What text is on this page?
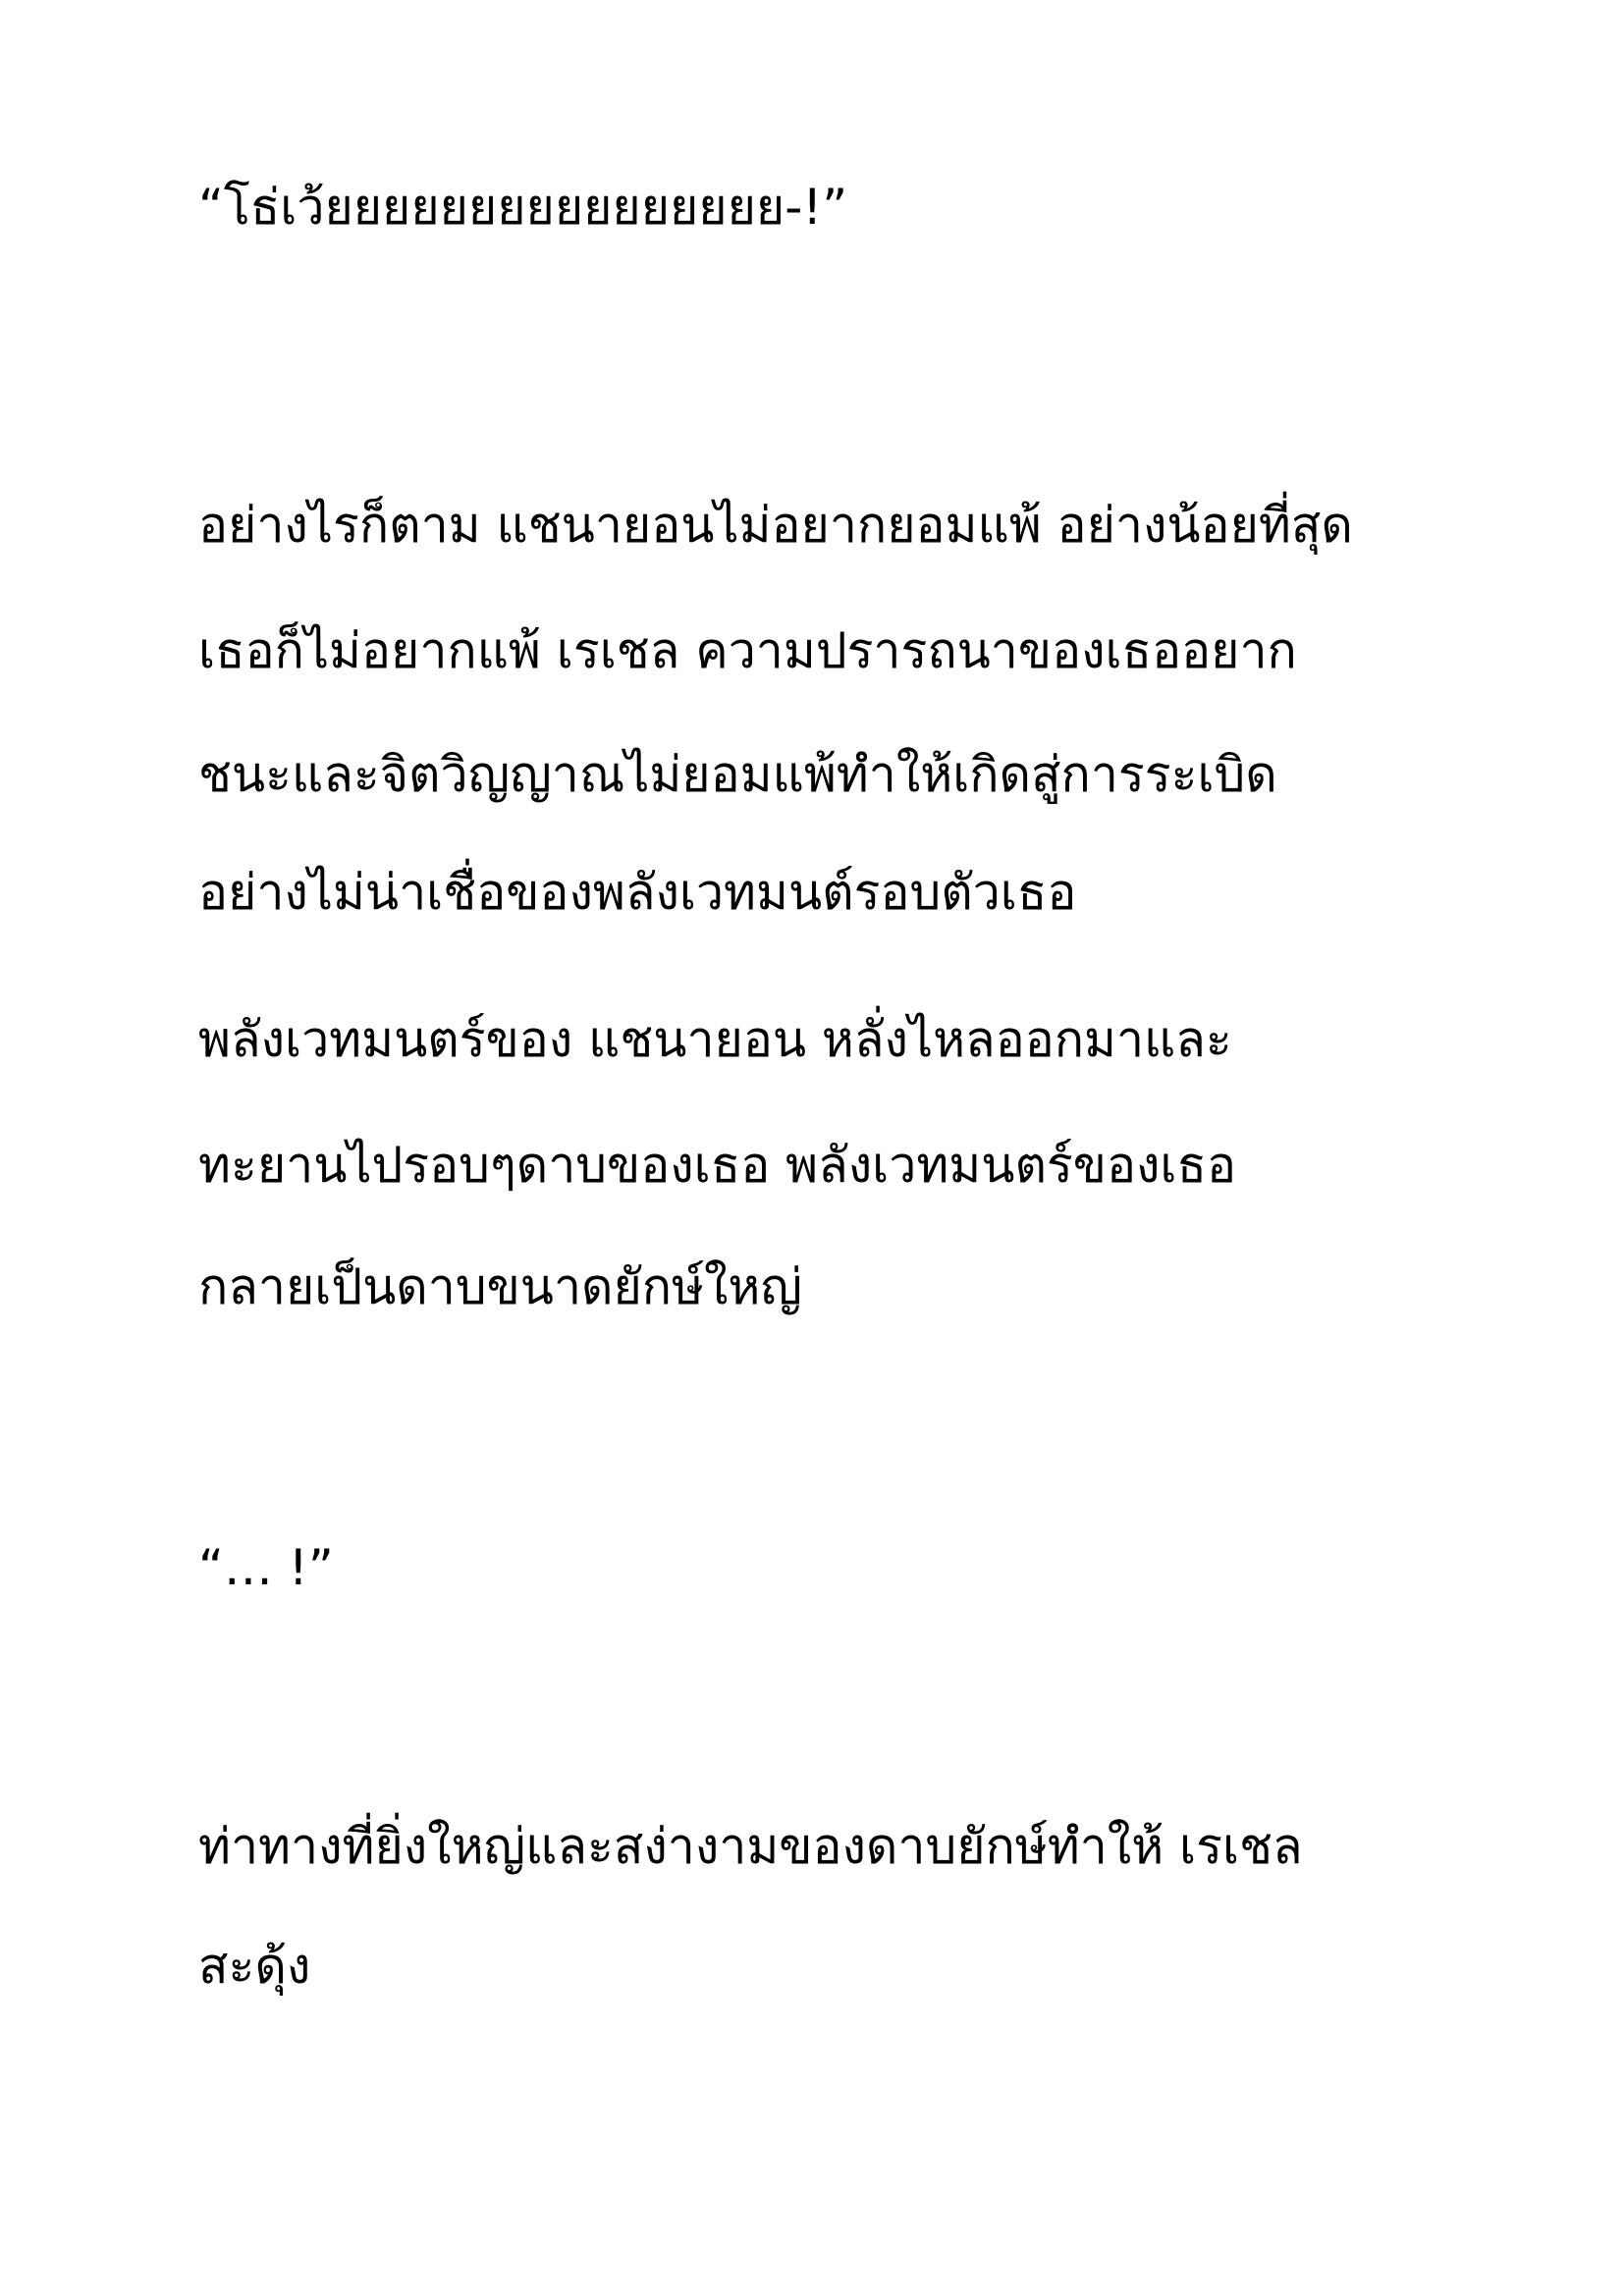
“โธ่เว้ยยยยยยยยยยยยยยยย-!”

อย่างไรก็ตาม แชนายอนไม่อยากยอมแพ้ อย่างน้อยที่สุด

เธอก็ไม่อยากแพ้ เรเชล ความปรารถนาของเธออยาก

ชนะและจิตวิญญาณไม่ยอมแพ้ทำให้เกิดสู่การระเบิด

อย่างไม่น่าเชื่อของพลังเวทมนต์รอบตัวเธอ

พลังเวทมนตร์ของ แชนายอน หลั่งไหลออกมาและ

ทะยานไปรอบๆดาบของเธอ พลังเวทมนตร์ของเธอ

กลายเป็นดาบขนาดยักษ์ใหญ่

“… !”

ท่าทางที่ยิ่งใหญ่และสง่างามของดาบยักษ์ทำให้ เรเชล

สะดุ้ง
